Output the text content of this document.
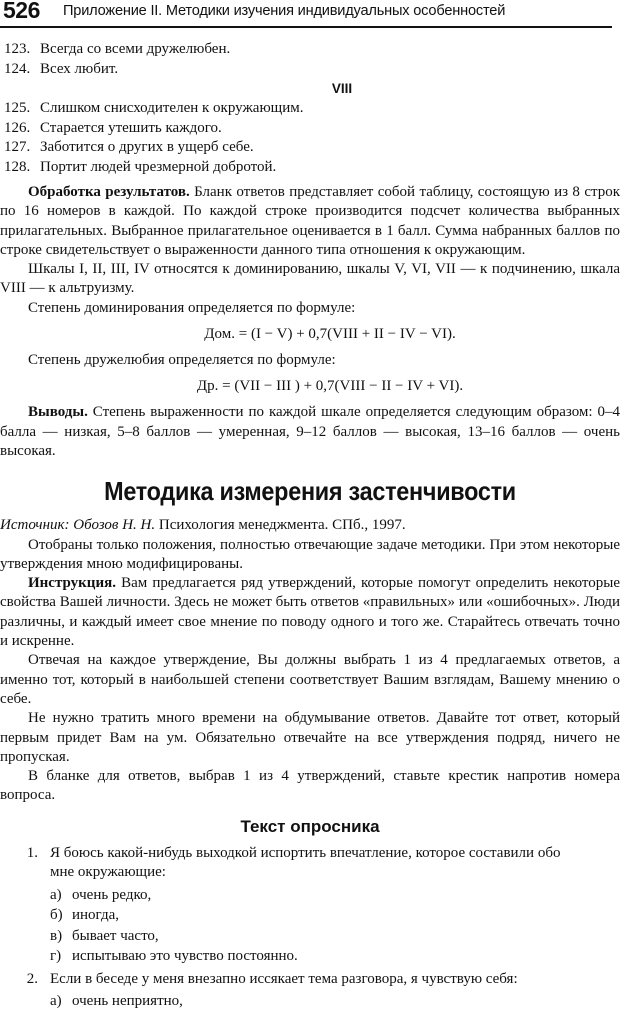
526 Приложение II. Методики изучения индивидуальных особенностей
123. Всегда со всеми дружелюбен.
124. Всех любит.
VIII
125. Слишком снисходителен к окружающим.
126. Старается утешить каждого.
127. Заботится о других в ущерб себе.
128. Портит людей чрезмерной добротой.

Обработка результатов. Бланк ответов представляет собой таблицу, состоящую из 8 строк по 16 номеров в каждой. По каждой строке производится подсчет количества выбранных прилагательных. Выбранное прилагательное оценивается в 1 балл. Сумма набранных баллов по строке свидетельствует о выраженности данного типа отношения к окружающим.

Шкалы I, II, III, IV относятся к доминированию, шкалы V, VI, VII — к подчинению, шкала VIII — к альтруизму.

Степень доминирования определяется по формуле:

Дом. = (I − V) + 0,7(VIII + II − IV − VI).

Степень дружелюбия определяется по формуле:

Др. = (VII − III ) + 0,7(VIII − II − IV + VI).

Выводы. Степень выраженности по каждой шкале определяется следующим образом: 0–4 балла — низкая, 5–8 баллов — умеренная, 9–12 баллов — высокая, 13–16 баллов — очень высокая.

Методика измерения застенчивости
Источник: Обозов Н. Н. Психология менеджмента. СПб., 1997.

Отобраны только положения, полностью отвечающие задаче методики. При этом некоторые утверждения мною модифицированы.

Инструкция. Вам предлагается ряд утверждений, которые помогут определить некоторые свойства Вашей личности. Здесь не может быть ответов «правильных» или «ошибочных». Люди различны, и каждый имеет свое мнение по поводу одного и того же. Старайтесь отвечать точно и искренне.

Отвечая на каждое утверждение, Вы должны выбрать 1 из 4 предлагаемых ответов, а именно тот, который в наибольшей степени соответствует Вашим взглядам, Вашему мнению о себе.

Не нужно тратить много времени на обдумывание ответов. Давайте тот ответ, который первым придет Вам на ум. Обязательно отвечайте на все утверждения подряд, ничего не пропуская.

В бланке для ответов, выбрав 1 из 4 утверждений, ставьте крестик напротив номера вопроса.

Текст опросника
1. Я боюсь какой-нибудь выходкой испортить впечатление, которое составили обо мне окружающие:
а) очень редко,
б) иногда,
в) бывает часто,
г) испытываю это чувство постоянно.
2. Если в беседе у меня внезапно иссякает тема разговора, я чувствую себя:
а) очень неприятно,
